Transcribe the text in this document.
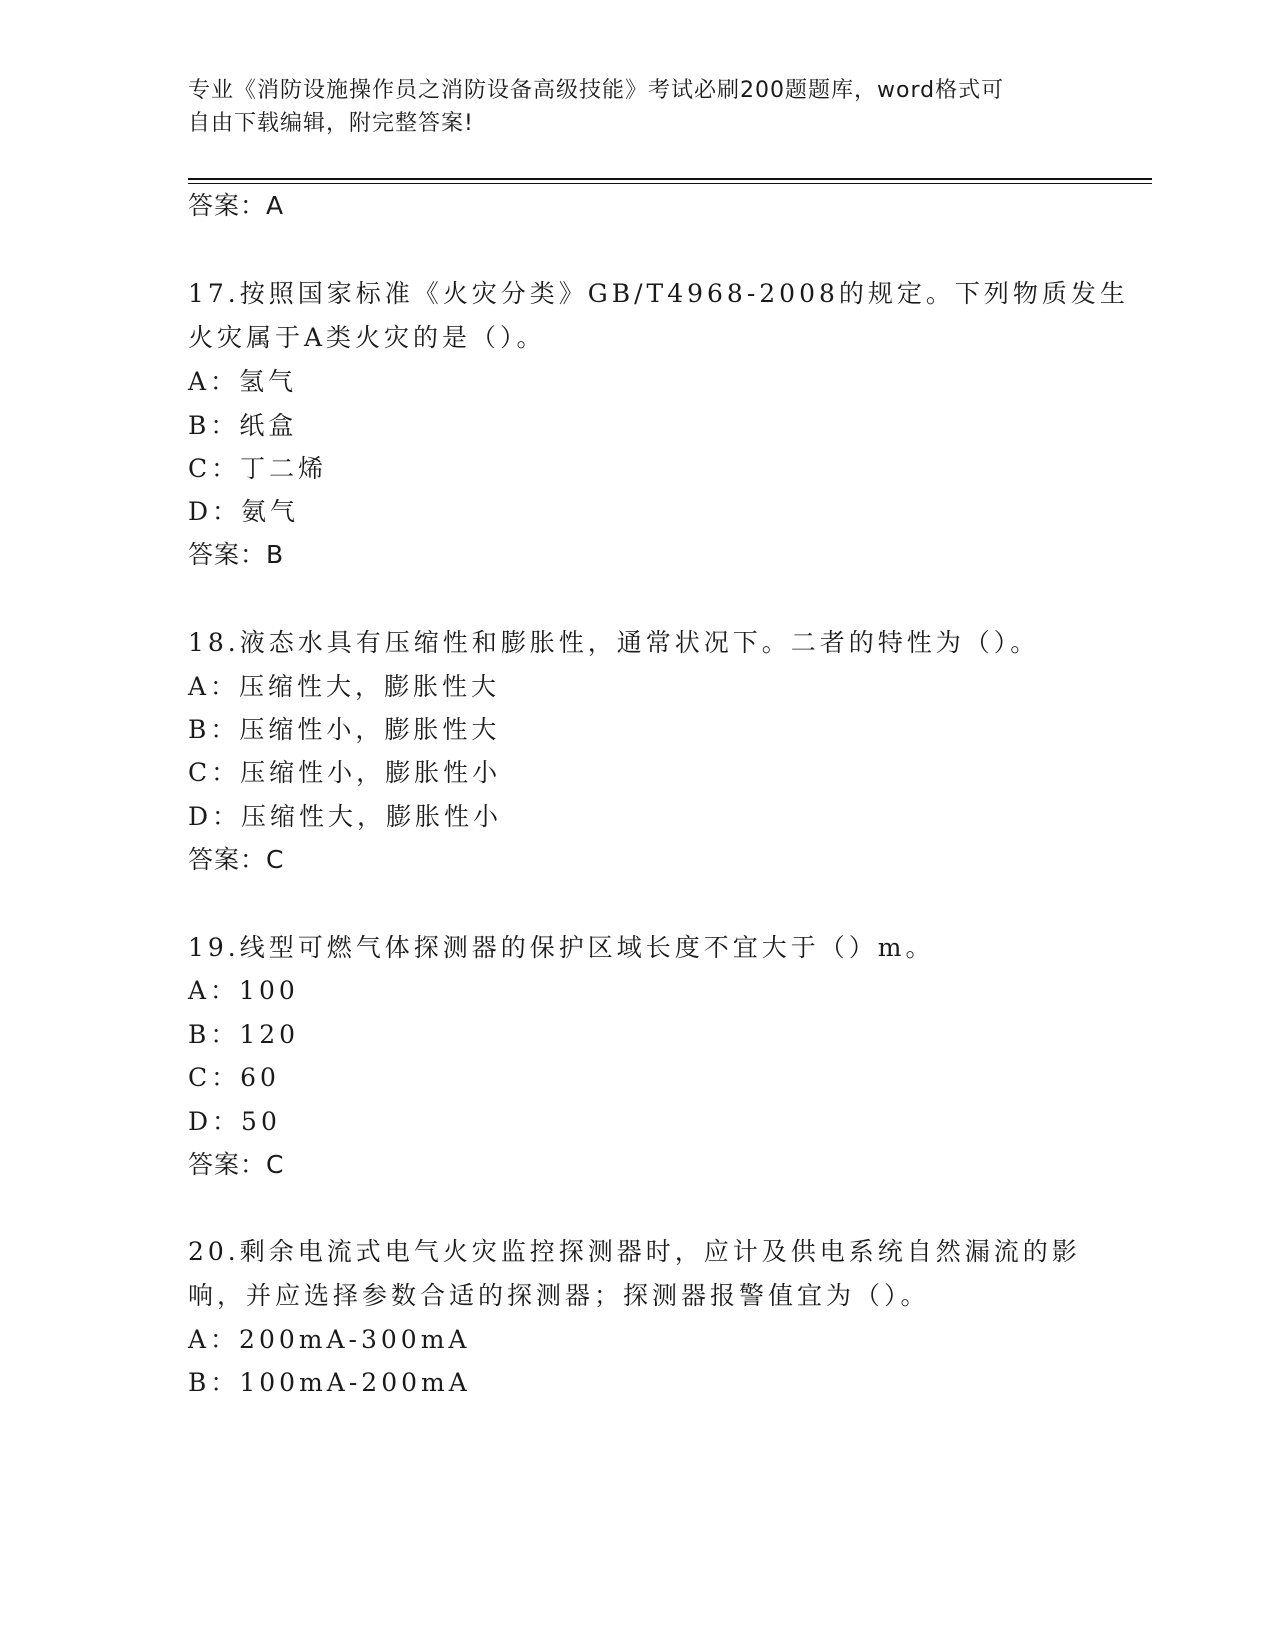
专业《消防设施操作员之消防设备高级技能》考试必刷200题题库，word格式可
自由下载编辑，附完整答案!
答案：A
17.按照国家标准《火灾分类》GB/T4968-2008的规定。下列物质发生
火灾属于A类火灾的是（）。
A：氢气
B：纸盒
C：丁二烯
D：氨气
答案：B
18.液态水具有压缩性和膨胀性，通常状况下。二者的特性为（）。
A：压缩性大，膨胀性大
B：压缩性小，膨胀性大
C：压缩性小，膨胀性小
D：压缩性大，膨胀性小
答案：C
19.线型可燃气体探测器的保护区域长度不宜大于（）m。
A：100
B：120
C：60
D：50
答案：C
20.剩余电流式电气火灾监控探测器时，应计及供电系统自然漏流的影
响，并应选择参数合适的探测器；探测器报警值宜为（）。
A：200mA-300mA
B：100mA-200mA
